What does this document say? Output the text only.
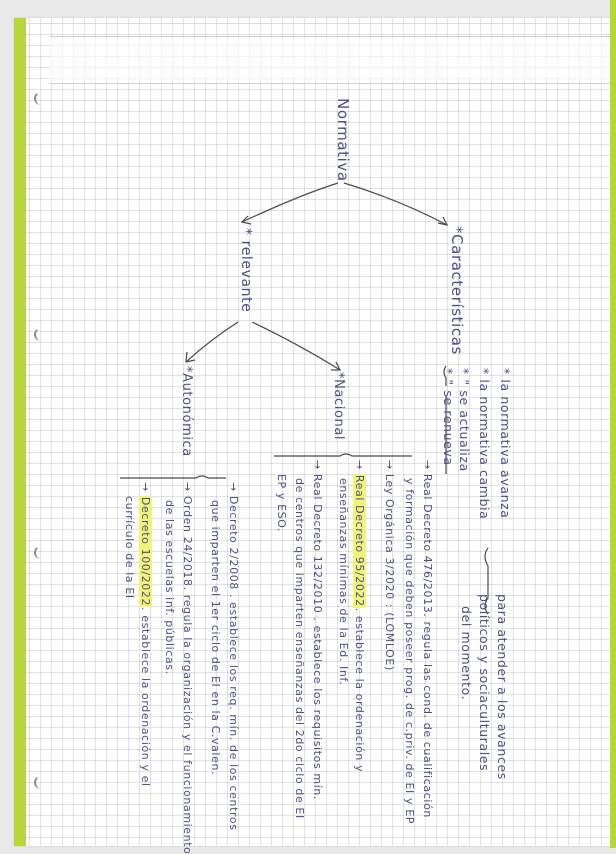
Normativa
*Características
* la normativa avanza
* la normativa cambia
* " se actualiza
* " se renueva
para atender a los avances
políticos y sociaculturales
del momento.
* relevante
*Nacional
→ Real Decreto 476/2013. regula las cond. de cualificación
y formación que deben poseer prog. de c.priv. de EI y EP
→ Ley Orgánica 3/2020 : (LOMLOE)
→ Real Decreto 95/2022. establece la ordenación y
enseñanzas mínimas de la Ed. Inf.
→ Real Decreto 132/2010 . establece los requisitos mín.
de centros que imparten enseñanzas del 2do ciclo de EI
EP y ESO.
*Autonómica
→ Decreto 2/2008 . establece los req. mín. de los centros
que imparten el 1er ciclo de EI en la C.valen.
→ Orden 24/2018. regula la organización y el funcionamiento
de las escuelas inf. públicas.
→ Decreto 100/2022. establece la ordenación y el
currículo de la EI
